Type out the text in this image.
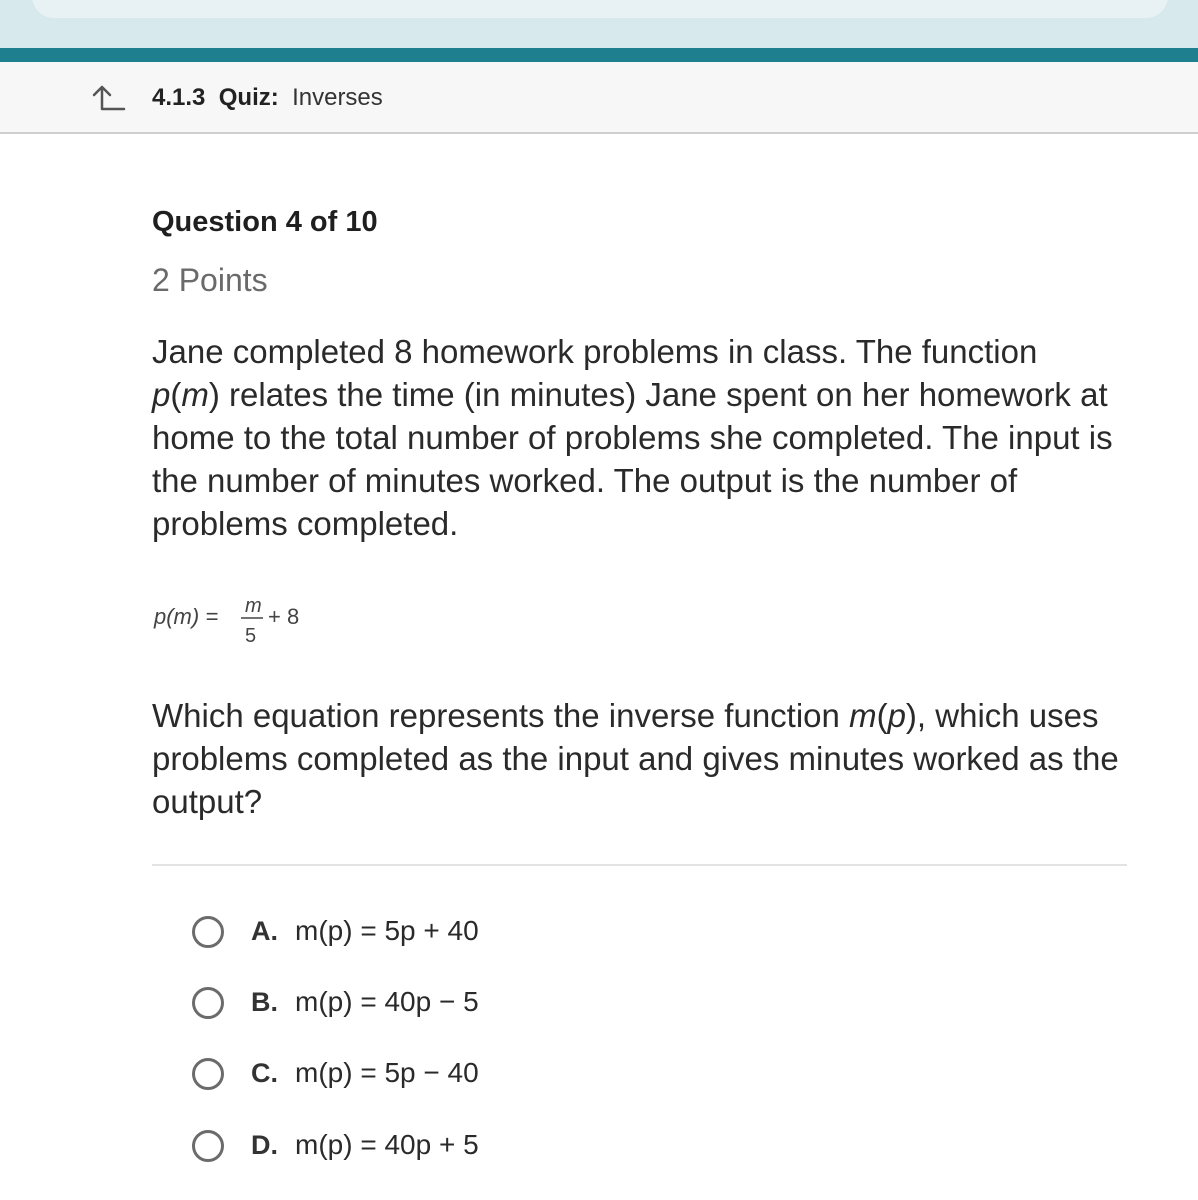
4.1.3 Quiz: Inverses
Question 4 of 10
2 Points
Jane completed 8 homework problems in class. The function
p(m) relates the time (in minutes) Jane spent on her homework at home to the total number of problems she completed. The input is the number of minutes worked. The output is the number of problems completed.
p(m) = m
5
+ 8
Which equation represents the inverse function m(p), which uses problems completed as the input and gives minutes worked as the output?
A. m(p) = 5p + 40
B. m(p) = 40p − 5
C. m(p) = 5p − 40
D. m(p) = 40p + 5
